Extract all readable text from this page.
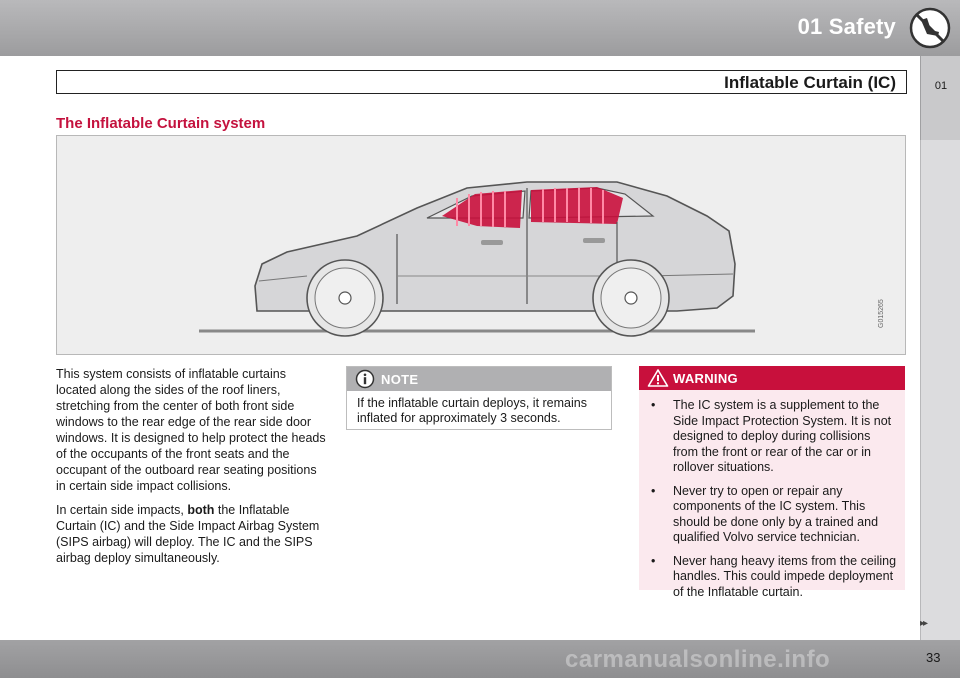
01 Safety
01
Inflatable Curtain (IC)
The Inflatable Curtain system
G015265

This system consists of inflatable curtains located along the sides of the roof liners, stretching from the center of both front side windows to the rear edge of the rear side door windows. It is designed to help protect the heads of the occupants of the front seats and the occupant of the outboard rear seating positions in certain side impact collisions.

In certain side impacts, both the Inflatable Curtain (IC) and the Side Impact Airbag System (SIPS airbag) will deploy. The IC and the SIPS airbag deploy simultaneously.

NOTE
If the inflatable curtain deploys, it remains inflated for approximately 3 seconds.
WARNING
• The IC system is a supplement to the Side Impact Protection System. It is not designed to deploy during collisions from the front or rear of the car or in rollover situations.
• Never try to open or repair any components of the IC system. This should be done only by a trained and qualified Volvo service technician.
• Never hang heavy items from the ceiling handles. This could impede deployment of the Inflatable curtain.
▸▸
carmanualsonline.info	33
